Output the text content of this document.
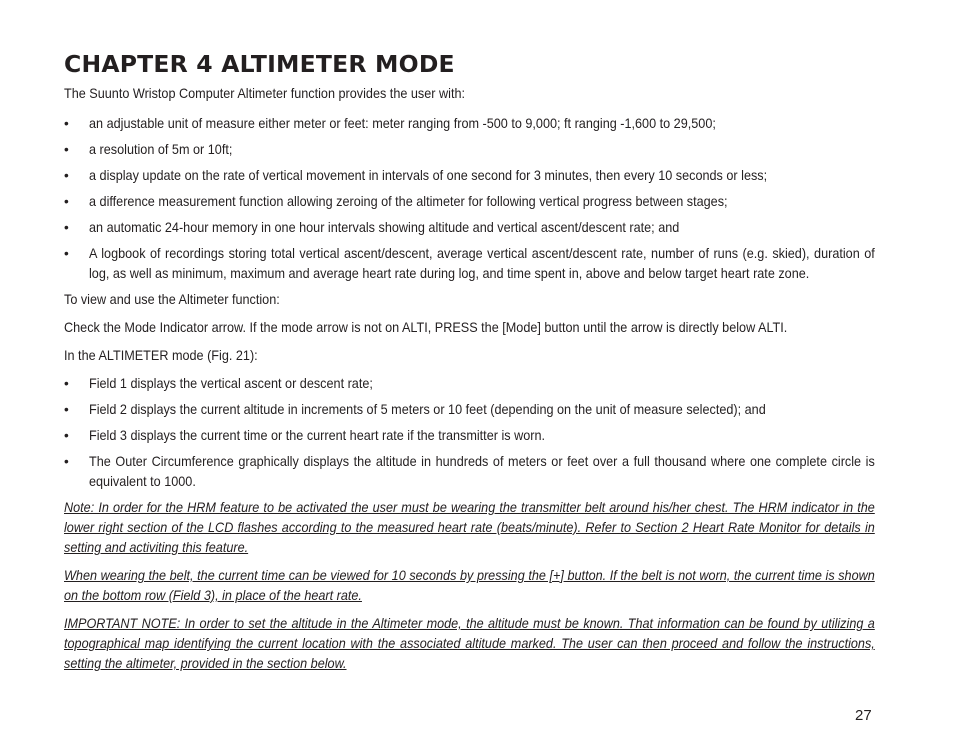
CHAPTER 4 ALTIMETER MODE

The Suunto Wristop Computer Altimeter function provides the user with:

• an adjustable unit of measure either meter or feet: meter ranging from -500 to 9,000; ft ranging -1,600 to 29,500;
• a resolution of 5m or 10ft;
• a display update on the rate of vertical movement in intervals of one second for 3 minutes, then every 10 seconds or less;
• a difference measurement function allowing zeroing of the altimeter for following vertical progress between stages;
• an automatic 24-hour memory in one hour intervals showing altitude and vertical ascent/descent rate; and
• A logbook of recordings storing total vertical ascent/descent, average vertical ascent/descent rate, number of runs (e.g. skied), duration of log, as well as minimum, maximum and average heart rate during log, and time spent in, above and below target heart rate zone.

To view and use the Altimeter function:

Check the Mode Indicator arrow. If the mode arrow is not on ALTI, PRESS the [Mode] button until the arrow is directly below ALTI.

In the ALTIMETER mode (Fig. 21):

• Field 1 displays the vertical ascent or descent rate;
• Field 2 displays the current altitude in increments of 5 meters or 10 feet (depending on the unit of measure selected); and
• Field 3 displays the current time or the current heart rate if the transmitter is worn.
• The Outer Circumference graphically displays the altitude in hundreds of meters or feet over a full thousand where one complete circle is equivalent to 1000.

Note: In order for the HRM feature to be activated the user must be wearing the transmitter belt around his/her chest. The HRM indicator in the lower right section of the LCD flashes according to the measured heart rate (beats/minute). Refer to Section 2 Heart Rate Monitor for details in setting and activiting this feature.

When wearing the belt, the current time can be viewed for 10 seconds by pressing the [+] button. If the belt is not worn, the current time is shown on the bottom row (Field 3), in place of the heart rate.

IMPORTANT NOTE: In order to set the altitude in the Altimeter mode, the altitude must be known. That information can be found by utilizing a topographical map identifying the current location with the associated altitude marked. The user can then proceed and follow the instructions, setting the altimeter, provided in the section below.

27
